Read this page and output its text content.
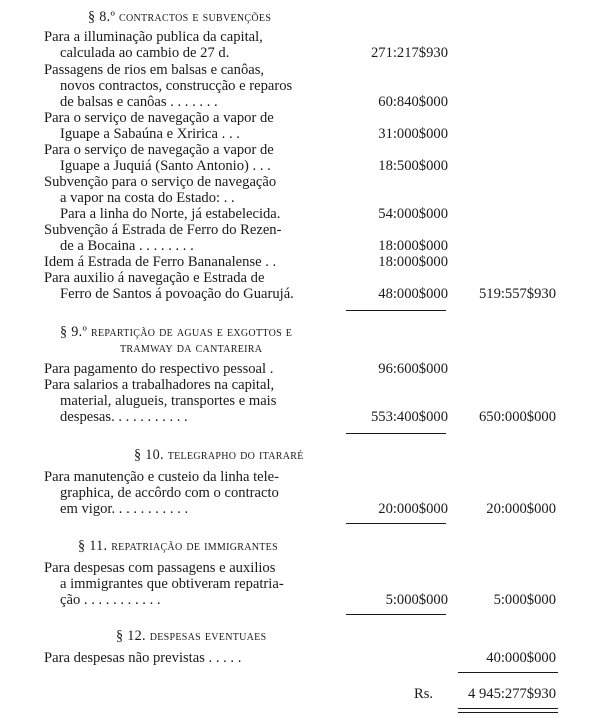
§ 8.º contractos e subvenções
Para a illuminação publica da capital,
calculada ao cambio de 27 d.	271:217$930
Passagens de rios em balsas e canôas,
novos contractos, construcção e reparos
de balsas e canôas . . . . . . .	60:840$000
Para o serviço de navegação a vapor de
Iguape a Sabaúna e Xririca . . .	31:000$000
Para o serviço de navegação a vapor de
Iguape a Juquiá (Santo Antonio) . . .	18:500$000
Subvenção para o serviço de navegação
a vapor na costa do Estado: . .
Para a linha do Norte, já estabelecida.	54:000$000
Subvenção á Estrada de Ferro do Rezen-
de a Bocaina . . . . . . . .	18:000$000
Idem á Estrada de Ferro Bananalense . .	18:000$000
Para auxilio á navegação e Estrada de
Ferro de Santos á povoação do Guarujá.	48:000$000 519:557$930
§ 9.º repartição de aguas e exgottos e
tramway da cantareira
Para pagamento do respectivo pessoal .	96:600$000
Para salarios a trabalhadores na capital,
material, alugueis, transportes e mais
despesas. . . . . . . . . . .	553:400$000 650:000$000
§ 10. telegrapho do itararé
Para manutenção e custeio da linha tele-
graphica, de accôrdo com o contracto
em vigor. . . . . . . . . . .	20:000$000	20:000$000
§ 11. repatriação de immigrantes
Para despesas com passagens e auxilios
a immigrantes que obtiveram repatria-
ção . . . . . . . . . . .	5:000$000	5:000$000
§ 12. despesas eventuaes
Para despesas não previstas . . . . .	40:000$000
Rs. 4 945:277$930
